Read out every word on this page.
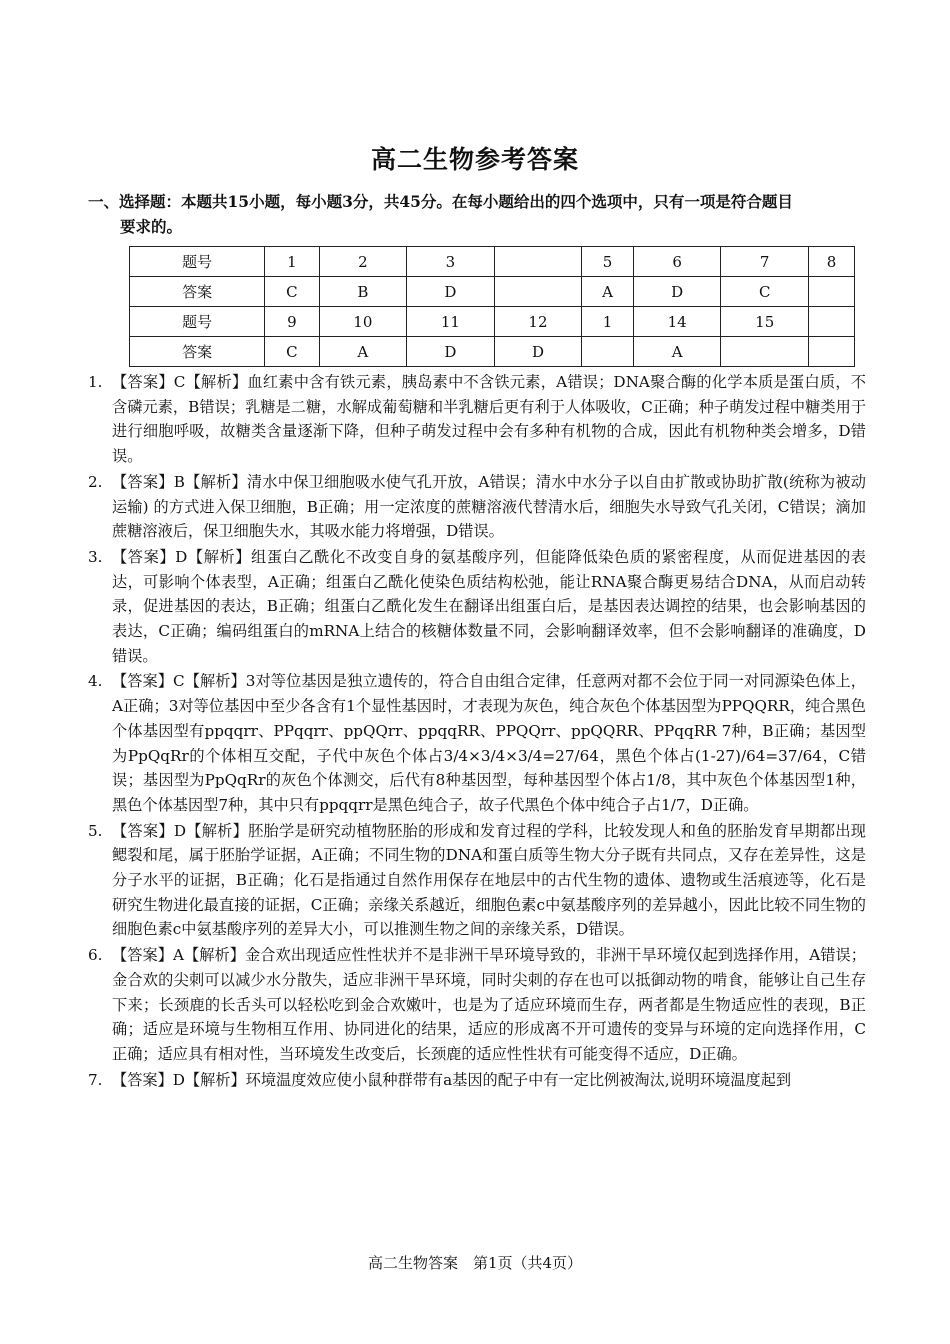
高二生物参考答案
一、选择题：本题共15小题，每小题3分，共45分。在每小题给出的四个选项中，只有一项是符合题目
要求的。
题号	1	2	3		5	6	7	8
答案	C	B	D		A	D	C	
题号	9	10	11	12	1	14	15	
答案	C	A	D	D		A		
1. 【答案】C【解析】血红素中含有铁元素，胰岛素中不含铁元素，A错误；DNA聚合酶的化学本质是蛋白质，不含磷元素，B错误；乳糖是二糖，水解成葡萄糖和半乳糖后更有利于人体吸收，C正确；种子萌发过程中糖类用于进行细胞呼吸，故糖类含量逐渐下降，但种子萌发过程中会有多种有机物的合成，因此有机物种类会增多，D错误。
2. 【答案】B【解析】清水中保卫细胞吸水使气孔开放，A错误；清水中水分子以自由扩散或协助扩散(统称为被动运输) 的方式进入保卫细胞，B正确；用一定浓度的蔗糖溶液代替清水后，细胞失水导致气孔关闭，C错误；滴加蔗糖溶液后，保卫细胞失水，其吸水能力将增强，D错误。
3. 【答案】D【解析】组蛋白乙酰化不改变自身的氨基酸序列，但能降低染色质的紧密程度，从而促进基因的表达，可影响个体表型，A正确；组蛋白乙酰化使染色质结构松弛，能让RNA聚合酶更易结合DNA，从而启动转录，促进基因的表达，B正确；组蛋白乙酰化发生在翻译出组蛋白后，是基因表达调控的结果，也会影响基因的表达，C正确；编码组蛋白的mRNA上结合的核糖体数量不同，会影响翻译效率，但不会影响翻译的准确度，D错误。
4. 【答案】C【解析】3对等位基因是独立遗传的，符合自由组合定律，任意两对都不会位于同一对同源染色体上，A正确；3对等位基因中至少各含有1个显性基因时，才表现为灰色，纯合灰色个体基因型为PPQQRR，纯合黑色个体基因型有ppqqrr、PPqqrr、ppQQrr、ppqqRR、PPQQrr、ppQQRR、PPqqRR 7种，B正确；基因型为PpQqRr的个体相互交配，子代中灰色个体占3/4×3/4×3/4=27/64，黑色个体占(1-27)/64=37/64，C错误；基因型为PpQqRr的灰色个体测交，后代有8种基因型，每种基因型个体占1/8，其中灰色个体基因型1种，黑色个体基因型7种，其中只有ppqqrr是黑色纯合子，故子代黑色个体中纯合子占1/7，D正确。
5. 【答案】D【解析】胚胎学是研究动植物胚胎的形成和发育过程的学科，比较发现人和鱼的胚胎发育早期都出现鳃裂和尾，属于胚胎学证据，A正确；不同生物的DNA和蛋白质等生物大分子既有共同点，又存在差异性，这是分子水平的证据，B正确；化石是指通过自然作用保存在地层中的古代生物的遗体、遗物或生活痕迹等，化石是研究生物进化最直接的证据，C正确；亲缘关系越近，细胞色素c中氨基酸序列的差异越小，因此比较不同生物的细胞色素c中氨基酸序列的差异大小，可以推测生物之间的亲缘关系，D错误。
6. 【答案】A【解析】金合欢出现适应性性状并不是非洲干旱环境导致的，非洲干旱环境仅起到选择作用，A错误；金合欢的尖刺可以减少水分散失，适应非洲干旱环境，同时尖刺的存在也可以抵御动物的啃食，能够让自己生存下来；长颈鹿的长舌头可以轻松吃到金合欢嫩叶，也是为了适应环境而生存，两者都是生物适应性的表现，B正确；适应是环境与生物相互作用、协同进化的结果，适应的形成离不开可遗传的变异与环境的定向选择作用，C正确；适应具有相对性，当环境发生改变后，长颈鹿的适应性性状有可能变得不适应，D正确。
7. 【答案】D【解析】环境温度效应使小鼠种群带有a基因的配子中有一定比例被淘汰,说明环境温度起到
高二生物答案　第1页（共4页）
